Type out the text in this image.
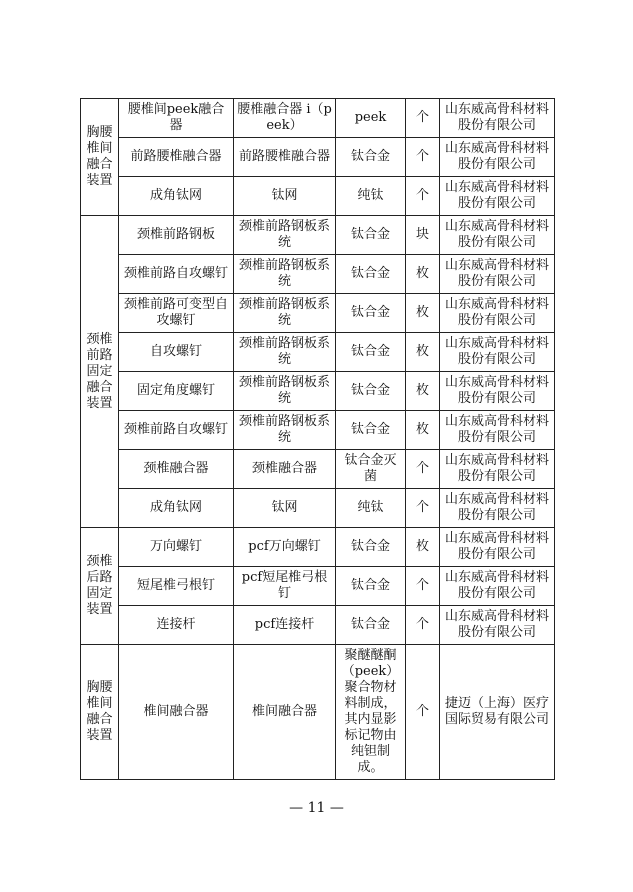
胸腰椎间融合装置	腰椎间peek融合器	腰椎融合器 i（peek）	peek	个	山东威高骨科材料股份有限公司
	前路腰椎融合器	前路腰椎融合器	钛合金	个	山东威高骨科材料股份有限公司
	成角钛网	钛网	纯钛	个	山东威高骨科材料股份有限公司
颈椎前路固定融合装置	颈椎前路钢板	颈椎前路钢板系统	钛合金	块	山东威高骨科材料股份有限公司
	颈椎前路自攻螺钉	颈椎前路钢板系统	钛合金	枚	山东威高骨科材料股份有限公司
	颈椎前路可变型自攻螺钉	颈椎前路钢板系统	钛合金	枚	山东威高骨科材料股份有限公司
	自攻螺钉	颈椎前路钢板系统	钛合金	枚	山东威高骨科材料股份有限公司
	固定角度螺钉	颈椎前路钢板系统	钛合金	枚	山东威高骨科材料股份有限公司
	颈椎前路自攻螺钉	颈椎前路钢板系统	钛合金	枚	山东威高骨科材料股份有限公司
	颈椎融合器	颈椎融合器	钛合金灭菌	个	山东威高骨科材料股份有限公司
	成角钛网	钛网	纯钛	个	山东威高骨科材料股份有限公司
颈椎后路固定装置	万向螺钉	pcf万向螺钉	钛合金	枚	山东威高骨科材料股份有限公司
	短尾椎弓根钉	pcf短尾椎弓根钉	钛合金	个	山东威高骨科材料股份有限公司
	连接杆	pcf连接杆	钛合金	个	山东威高骨科材料股份有限公司
胸腰椎间融合装置	椎间融合器	椎间融合器	聚醚醚酮（peek）聚合物材料制成，其内显影标记物由纯钽制成。	个	捷迈（上海）医疗国际贸易有限公司
— 11 —
